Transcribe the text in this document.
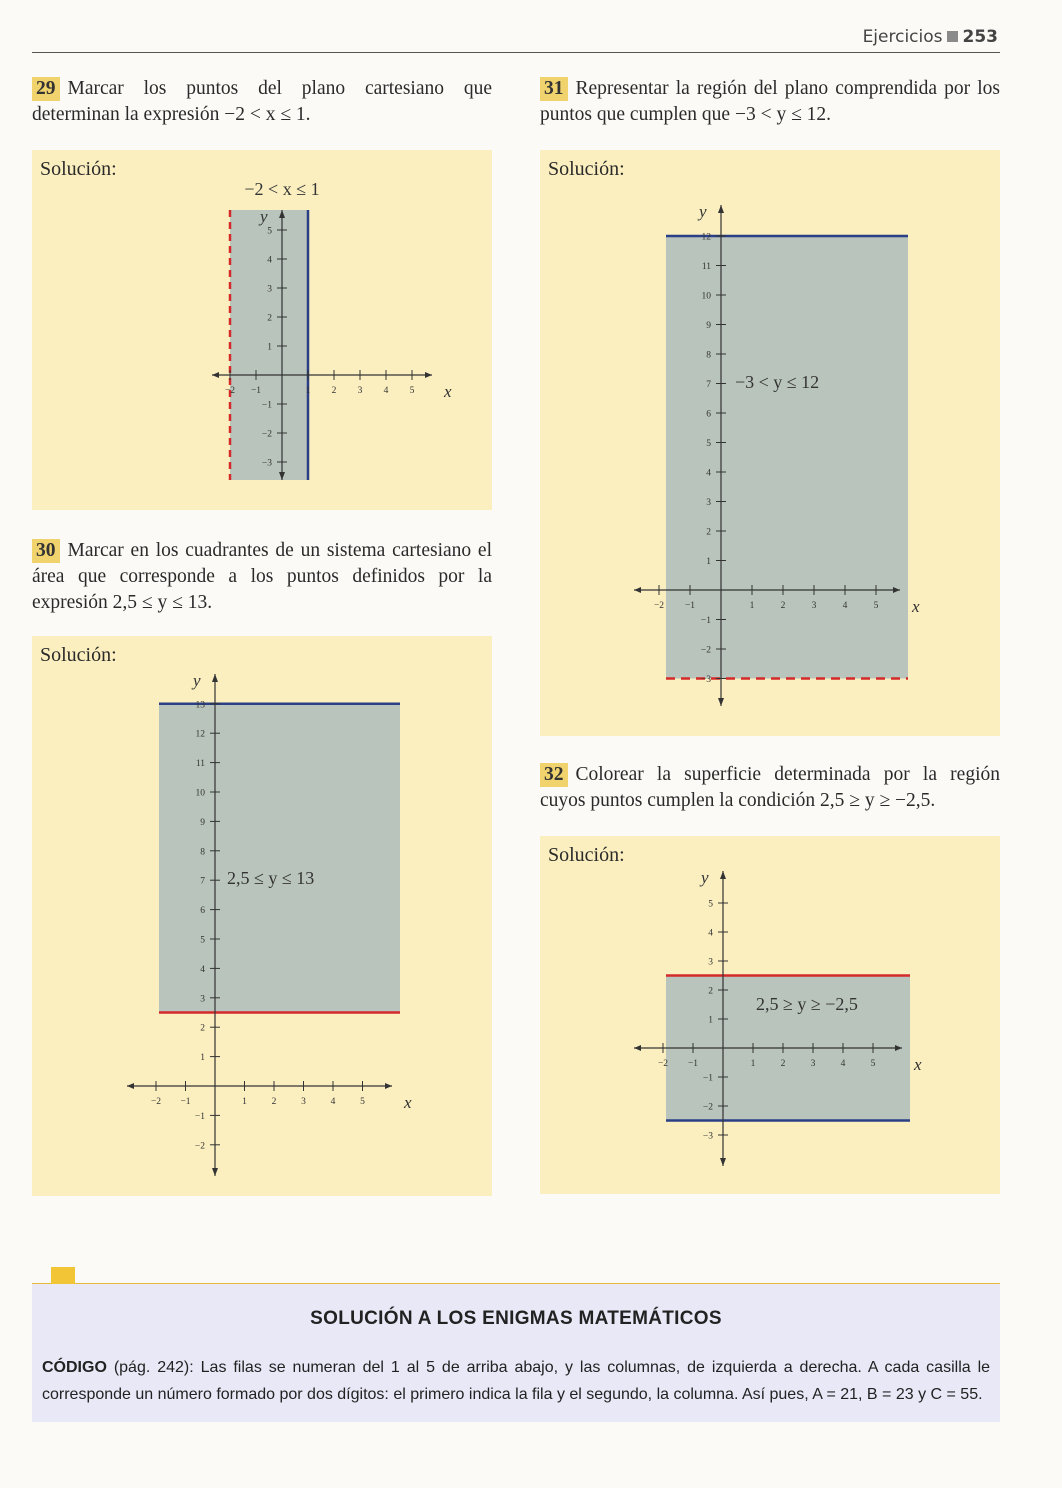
Ejercicios 253
29 Marcar los puntos del plano cartesiano que determinan la expresión −2 < x ≤ 1.
Solución:
x
y
−2 −1	1 2 3 4 5
5
4
3
2
1
−1
−2
−3
−2 < x ≤ 1
30 Marcar en los cuadrantes de un sistema cartesiano el área que corresponde a los puntos definidos por la expresión 2,5 ≤ y ≤ 13.
Solución:
x
y
−2 −1	1	2	3	4	5
13
12
11
10
9
8
7
6
5
4
3
2
1
−1
−2
2,5 ≤ y ≤ 13
31 Representar la región del plano comprendida por los puntos que cumplen que −3 < y ≤ 12.
Solución:
x
y
−2 −1	1	2	3	4	5
12
11
10
9
8
7
6
5
4
3
2
1
−1
−2
−3
−3 < y ≤ 12
32 Colorear la superficie determinada por la región cuyos puntos cumplen la condición 2,5 ≥ y ≥ −2,5.
Solución:
x
y
−2 −1	1	2	3	4	5
5
4
3
2
1
−1
−2
−3
2,5 ≥ y ≥ −2,5
SOLUCIÓN A LOS ENIGMAS MATEMÁTICOS
CÓDIGO (pág. 242): Las filas se numeran del 1 al 5 de arriba abajo, y las columnas, de izquierda a derecha. A cada casilla le corresponde un número formado por dos dígitos: el primero indica la fila y el segundo, la columna. Así pues, A = 21, B = 23 y C = 55.
